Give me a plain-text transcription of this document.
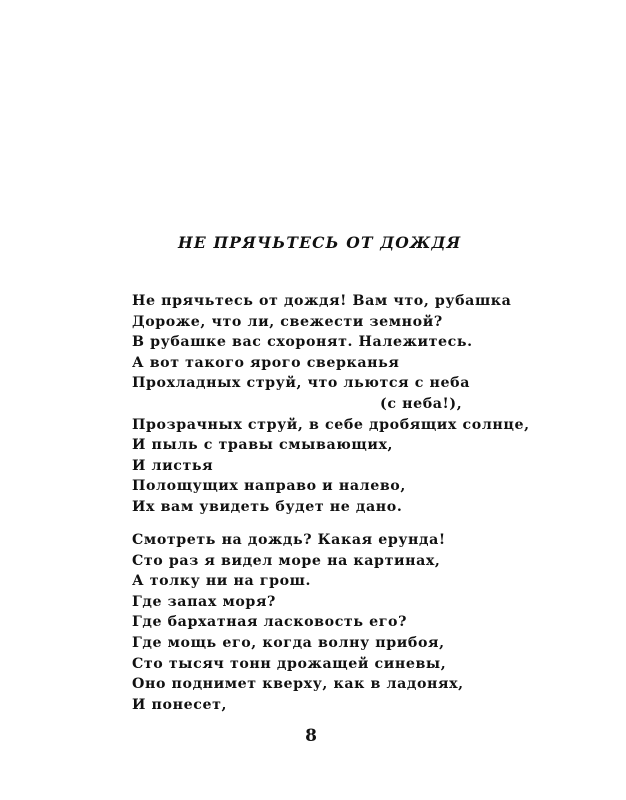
НЕ ПРЯЧЬТЕСЬ ОТ ДОЖДЯ
Не прячьтесь от дождя! Вам что, рубашка
Дороже, что ли, свежести земной?
В рубашке вас схоронят. Належитесь.
А вот такого ярого сверканья
Прохладных струй, что льются с неба
(с неба!),
Прозрачных струй, в себе дробящих солнце,
И пыль с травы смывающих,
И листья
Полощущих направо и налево,
Их вам увидеть будет не дано.
Смотреть на дождь? Какая ерунда!
Сто раз я видел море на картинах,
А толку ни на грош.
Где запах моря?
Где бархатная ласковость его?
Где мощь его, когда волну прибоя,
Сто тысяч тонн дрожащей синевы,
Оно поднимет кверху, как в ладонях,
И понесет,
8
